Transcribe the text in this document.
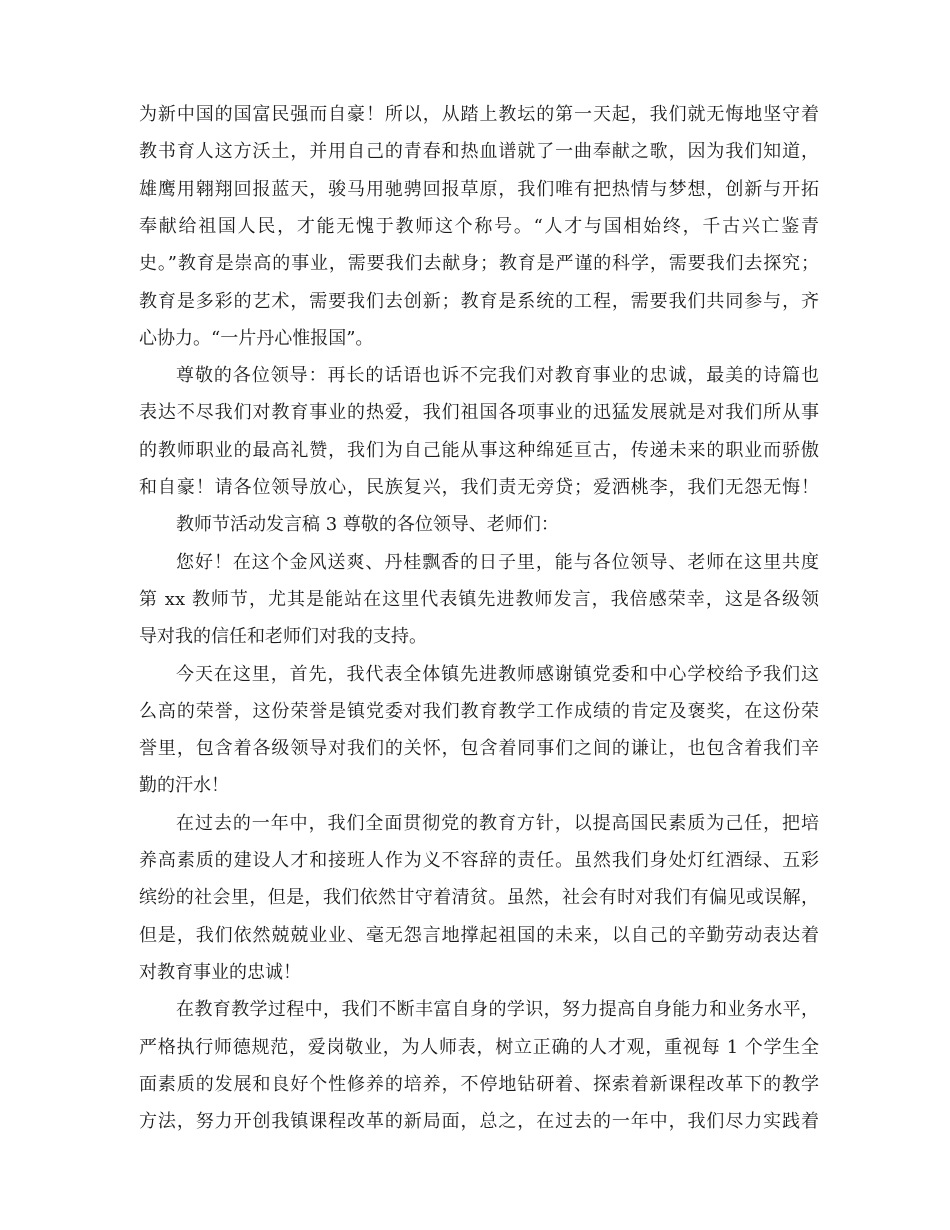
为新中国的国富民强而自豪！所以，从踏上教坛的第一天起，我们就无悔地坚守着
教书育人这方沃土，并用自己的青春和热血谱就了一曲奉献之歌，因为我们知道，
雄鹰用翱翔回报蓝天，骏马用驰骋回报草原，我们唯有把热情与梦想，创新与开拓
奉献给祖国人民，才能无愧于教师这个称号。“人才与国相始终，千古兴亡鉴青
史。”教育是崇高的事业，需要我们去献身；教育是严谨的科学，需要我们去探究；
教育是多彩的艺术，需要我们去创新；教育是系统的工程，需要我们共同参与，齐
心协力。“一片丹心惟报国”。
尊敬的各位领导：再长的话语也诉不完我们对教育事业的忠诚，最美的诗篇也
表达不尽我们对教育事业的热爱，我们祖国各项事业的迅猛发展就是对我们所从事
的教师职业的最高礼赞，我们为自己能从事这种绵延亘古，传递未来的职业而骄傲
和自豪！请各位领导放心，民族复兴，我们责无旁贷；爱洒桃李，我们无怨无悔！
教师节活动发言稿 3 尊敬的各位领导、老师们：
您好！在这个金风送爽、丹桂飘香的日子里，能与各位领导、老师在这里共度
第 xx 教师节，尤其是能站在这里代表镇先进教师发言，我倍感荣幸，这是各级领
导对我的信任和老师们对我的支持。
今天在这里，首先，我代表全体镇先进教师感谢镇党委和中心学校给予我们这
么高的荣誉，这份荣誉是镇党委对我们教育教学工作成绩的肯定及褒奖，在这份荣
誉里，包含着各级领导对我们的关怀，包含着同事们之间的谦让，也包含着我们辛
勤的汗水！
在过去的一年中，我们全面贯彻党的教育方针，以提高国民素质为己任，把培
养高素质的建设人才和接班人作为义不容辞的责任。虽然我们身处灯红酒绿、五彩
缤纷的社会里，但是，我们依然甘守着清贫。虽然，社会有时对我们有偏见或误解，
但是，我们依然兢兢业业、毫无怨言地撑起祖国的未来，以自己的辛勤劳动表达着
对教育事业的忠诚！
在教育教学过程中，我们不断丰富自身的学识，努力提高自身能力和业务水平，
严格执行师德规范，爱岗敬业，为人师表，树立正确的人才观，重视每 1 个学生全
面素质的发展和良好个性修养的培养，不停地钻研着、探索着新课程改革下的教学
方法，努力开创我镇课程改革的新局面，总之，在过去的一年中，我们尽力实践着
